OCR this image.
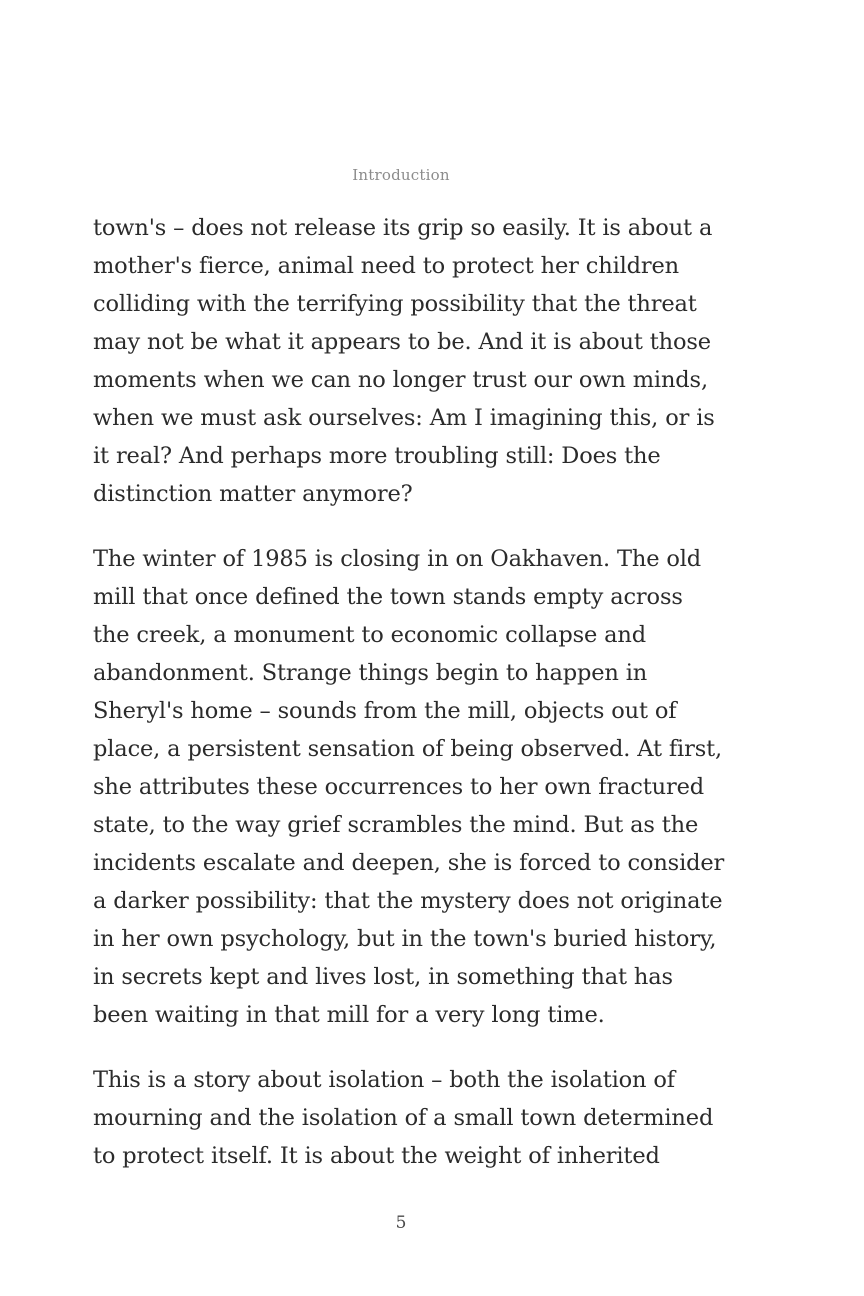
Introduction

town's – does not release its grip so easily. It is about a
mother's fierce, animal need to protect her children
colliding with the terrifying possibility that the threat
may not be what it appears to be. And it is about those
moments when we can no longer trust our own minds,
when we must ask ourselves: Am I imagining this, or is
it real? And perhaps more troubling still: Does the
distinction matter anymore?

The winter of 1985 is closing in on Oakhaven. The old
mill that once defined the town stands empty across
the creek, a monument to economic collapse and
abandonment. Strange things begin to happen in
Sheryl's home – sounds from the mill, objects out of
place, a persistent sensation of being observed. At first,
she attributes these occurrences to her own fractured
state, to the way grief scrambles the mind. But as the
incidents escalate and deepen, she is forced to consider
a darker possibility: that the mystery does not originate
in her own psychology, but in the town's buried history,
in secrets kept and lives lost, in something that has
been waiting in that mill for a very long time.

This is a story about isolation – both the isolation of
mourning and the isolation of a small town determined
to protect itself. It is about the weight of inherited

5
